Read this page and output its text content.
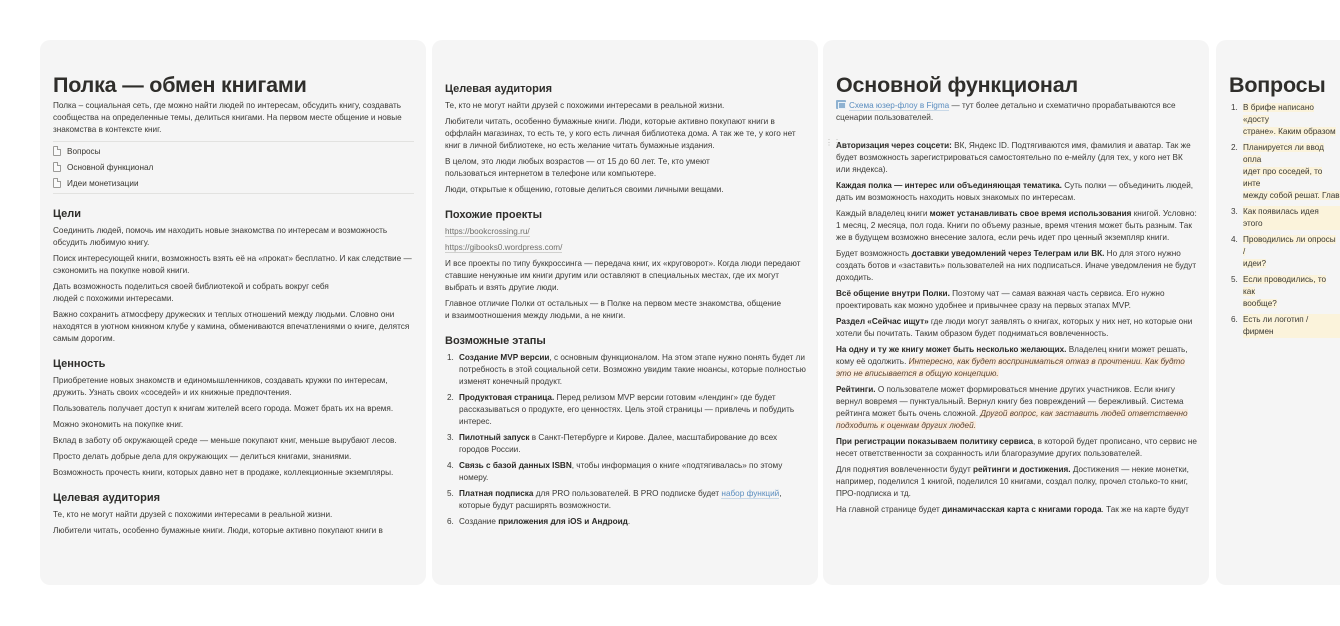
Полка — обмен книгами

Полка – социальная сеть, где можно найти людей по интересам, обсудить книгу, создавать сообщества на определенные темы, делиться книгами. На первом месте общение и новые знакомства в контексте книг.

Вопросы
Основной функционал
Идеи монетизации
Цели

Соединить людей, помочь им находить новые знакомства по интересам и возможность обсудить любимую книгу.

Поиск интересующей книги, возможность взять её на «прокат» бесплатно. И как следствие — сэкономить на покупке новой книги.

Дать возможность поделиться своей библиотекой и собрать вокруг себя людей с похожими интересами.

Важно сохранить атмосферу дружеских и теплых отношений между людьми. Словно они находятся в уютном книжном клубе у камина, обмениваются впечатлениями о книге, делятся самым дорогим.

Ценность

Приобретение новых знакомств и единомышленников, создавать кружки по интересам, дружить. Узнать своих «соседей» и их книжные предпочтения.

Пользователь получает доступ к книгам жителей всего города. Может брать их на время.

Можно экономить на покупке книг.

Вклад в заботу об окружающей среде — меньше покупают книг, меньше вырубают лесов.

Просто делать добрые дела для окружающих — делиться книгами, знаниями.

Возможность прочесть книги, которых давно нет в продаже, коллекционные экземпляры.

Целевая аудитория

Те, кто не могут найти друзей с похожими интересами в реальной жизни.

Любители читать, особенно бумажные книги. Люди, которые активно покупают книги в

Целевая аудитория

Те, кто не могут найти друзей с похожими интересами в реальной жизни.

Любители читать, особенно бумажные книги. Люди, которые активно покупают книги в оффлайн магазинах, то есть те, у кого есть личная библиотека дома. А так же те, у кого нет книг в личной библиотеке, но есть желание читать бумажные издания.

В целом, это люди любых возрастов — от 15 до 60 лет. Те, кто умеют пользоваться интернетом в телефоне или компьютере.

Люди, открытые к общению, готовые делиться своими личными вещами.

Похожие проекты

https://bookcrossing.ru/

https://gibooks0.wordpress.com/

И все проекты по типу буккроссинга — передача книг, их «круговорот». Когда люди передают ставшие ненужные им книги другим или оставляют в специальных местах, где их могут выбрать и взять другие люди.

Главное отличие Полки от остальных — в Полке на первом месте знакомства, общение и взаимоотношения между людьми, а не книги.

Возможные этапы
1. Создание MVP версии, с основным функционалом. На этом этапе нужно понять будет ли потребность в этой социальной сети. Возможно увидим такие нюансы, которые полностью изменят конечный продукт.
2. Продуктовая страница. Перед релизом MVP версии готовим «лендинг» где будет рассказываться о продукте, его ценностях. Цель этой страницы — привлечь и побудить интерес.
3. Пилотный запуск в Санкт-Петербурге и Кирове. Далее, масштабирование до всех городов России.
4. Связь с базой данных ISBN, чтобы информация о книге «подтягивалась» по этому номеру.
5. Платная подписка для PRO пользователей. В PRO подписке будет набор функций, которые будут расширять возможности.
6. Создание приложения для iOS и Андроид.
Основной функционал

Схема юзер-флоу в Figma — тут более детально и схематично прорабатываются все сценарии пользователей.

⋮⋮

Авторизация через соцсети: ВК, Яндекс ID. Подтягиваются имя, фамилия и аватар. Так же будет возможность зарегистрироваться самостоятельно по е-мейлу (для тех, у кого нет ВК или яндекса).

Каждая полка — интерес или объединяющая тематика. Суть полки — объединить людей, дать им возможность находить новых знакомых по интересам.

Каждый владелец книги может устанавливать свое время использования книгой. Условно: 1 месяц, 2 месяца, пол года. Книги по объему разные, время чтения может быть разным. Так же в будущем возможно внесение залога, если речь идет про ценный экземпляр книги.

Будет возможность доставки уведомлений через Телеграм или ВК. Но для этого нужно создать ботов и «заставить» пользователей на них подписаться. Иначе уведомления не будут доходить.

Всё общение внутри Полки. Поэтому чат — самая важная часть сервиса. Его нужно проектировать как можно удобнее и привычнее сразу на первых этапах MVP.

Раздел «Сейчас ищут» где люди могут заявлять о книгах, которых у них нет, но которые они хотели бы почитать. Таким образом будет подниматься вовлеченность.

На одну и ту же книгу может быть несколько желающих. Владелец книги может решать, кому её одолжить. Интересно, как будет восприниматься отказ в прочтении. Как будто это не вписывается в общую концепцию.

Рейтинги. О пользователе может формироваться мнение других участников. Если книгу вернул вовремя — пунктуальный. Вернул книгу без повреждений — бережливый. Система рейтинга может быть очень сложной. Другой вопрос, как заставить людей ответственно подходить к оценкам других людей.

При регистрации показываем политику сервиса, в которой будет прописано, что сервис не несет ответственности за сохранность или благоразумие других пользователей.

Для поднятия вовлеченности будут рейтинги и достижения. Достижения — некие монетки, например, поделился 1 книгой, поделился 10 книгами, создал полку, прочел столько-то книг, ПРО-подписка и тд.

На главной странице будет динамичасская карта с книгами города. Так же на карте будут

Вопросы
1. В брифе написано «досту
стране». Каким образом
2. Планируется ли ввод опла
идет про соседей, то инте
между собой решат. Глав
3. Как появилась идея этого
4. Проводились ли опросы /
идеи?
5. Если проводились, то как
вообще?
6. Есть ли логотип / фирмен
